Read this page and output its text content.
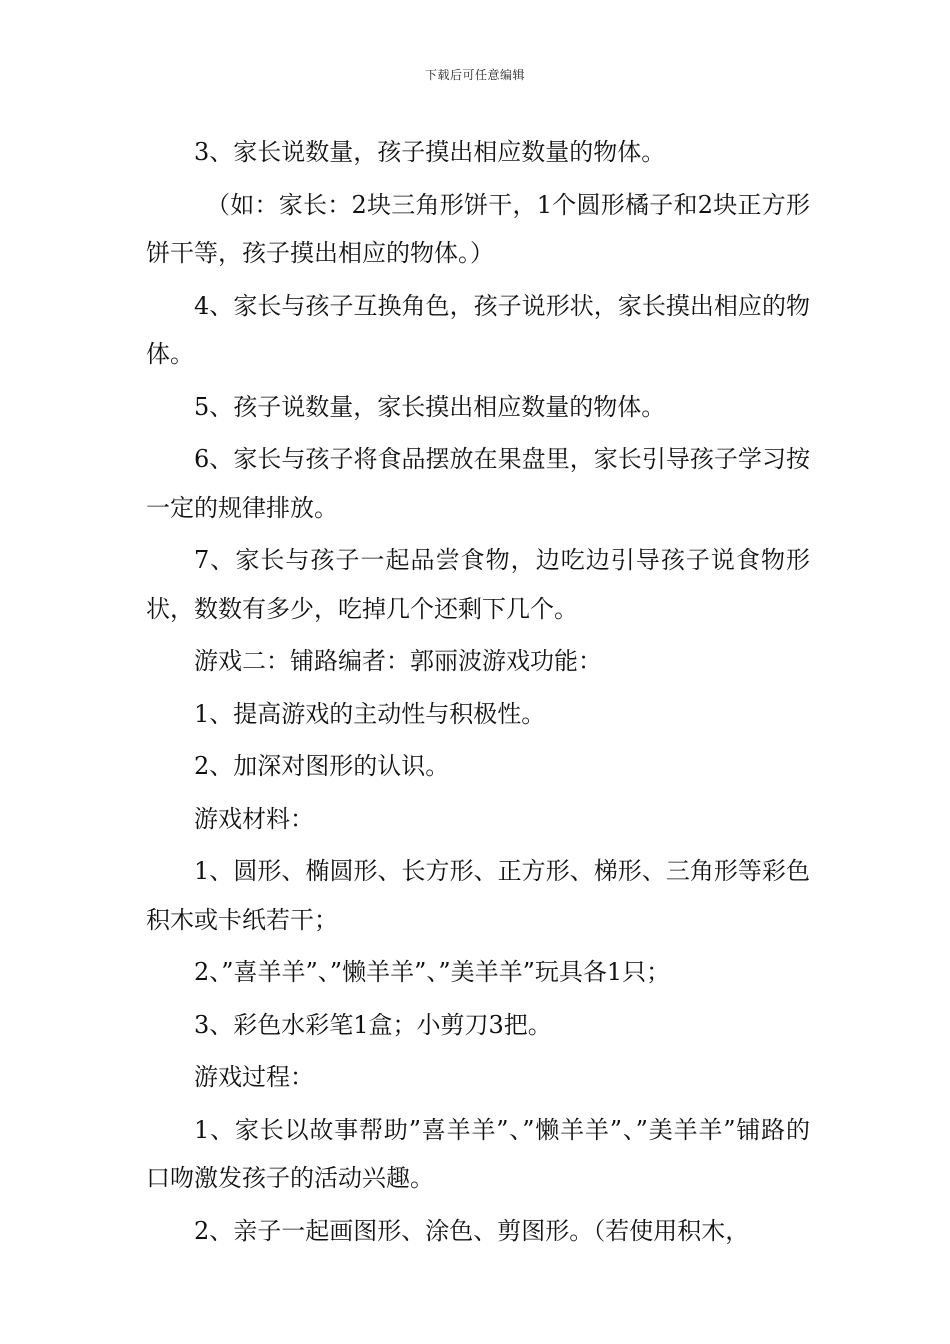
下载后可任意编辑

3、家长说数量，孩子摸出相应数量的物体。

（如：家长：2块三角形饼干，1个圆形橘子和2块正方形饼干等，孩子摸出相应的物体。）

4、家长与孩子互换角色，孩子说形状，家长摸出相应的物体。

5、孩子说数量，家长摸出相应数量的物体。

6、家长与孩子将食品摆放在果盘里，家长引导孩子学习按一定的规律排放。

7、家长与孩子一起品尝食物，边吃边引导孩子说食物形状，数数有多少，吃掉几个还剩下几个。

游戏二：铺路编者：郭丽波游戏功能：

1、提高游戏的主动性与积极性。

2、加深对图形的认识。

游戏材料：

1、圆形、椭圆形、长方形、正方形、梯形、三角形等彩色积木或卡纸若干；

2、”喜羊羊”、”懒羊羊”、”美羊羊”玩具各1只；

3、彩色水彩笔1盒；小剪刀3把。

游戏过程：

1、家长以故事帮助”喜羊羊”、”懒羊羊”、”美羊羊”铺路的口吻激发孩子的活动兴趣。

2、亲子一起画图形、涂色、剪图形。（若使用积木，
